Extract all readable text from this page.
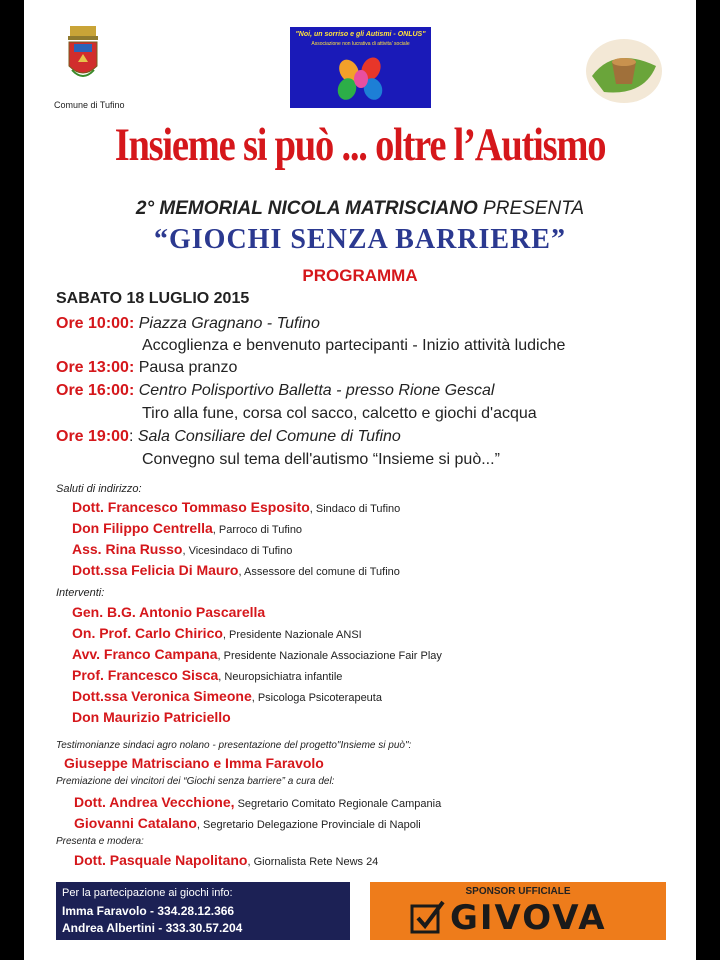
Comune di Tufino
"Noi, un sorriso e gli Autismi - ONLUS"
Associazione non lucrativa di attivita' sociale
Insieme si può ... oltre l’Autismo
2° MEMORIAL NICOLA MATRISCIANO PRESENTA
“GIOCHI SENZA BARRIERE”
PROGRAMMA
SABATO 18 LUGLIO 2015
Ore 10:00: Piazza Gragnano - Tufino
Accoglienza e benvenuto partecipanti - Inizio attività ludiche
Ore 13:00: Pausa pranzo
Ore 16:00: Centro Polisportivo Balletta - presso Rione Gescal
Tiro alla fune, corsa col sacco, calcetto e giochi d'acqua
Ore 19:00: Sala Consiliare del Comune di Tufino
Convegno sul tema dell'autismo “Insieme si può...”
Saluti di indirizzo:
Dott. Francesco Tommaso Esposito, Sindaco di Tufino
Don Filippo Centrella, Parroco di Tufino
Ass. Rina Russo, Vicesindaco di Tufino
Dott.ssa Felicia Di Mauro, Assessore del comune di Tufino
Interventi:
Gen. B.G. Antonio Pascarella
On. Prof. Carlo Chirico, Presidente Nazionale ANSI
Avv. Franco Campana, Presidente Nazionale Associazione Fair Play
Prof. Francesco Sisca, Neuropsichiatra infantile
Dott.ssa Veronica Simeone, Psicologa Psicoterapeuta
Don Maurizio Patriciello
Testimonianze sindaci agro nolano - presentazione del progetto"Insieme si può":
Giuseppe Matrisciano e Imma Faravolo
Premiazione dei vincitori dei “Giochi senza barriere” a cura del:
Dott. Andrea Vecchione, Segretario Comitato Regionale Campania
Giovanni Catalano, Segretario Delegazione Provinciale di Napoli
Presenta e modera:
Dott. Pasquale Napolitano, Giornalista Rete News 24
Per la partecipazione ai giochi info:
Imma Faravolo - 334.28.12.366
Andrea Albertini - 333.30.57.204
SPONSOR UFFICIALE
GIVOVA
